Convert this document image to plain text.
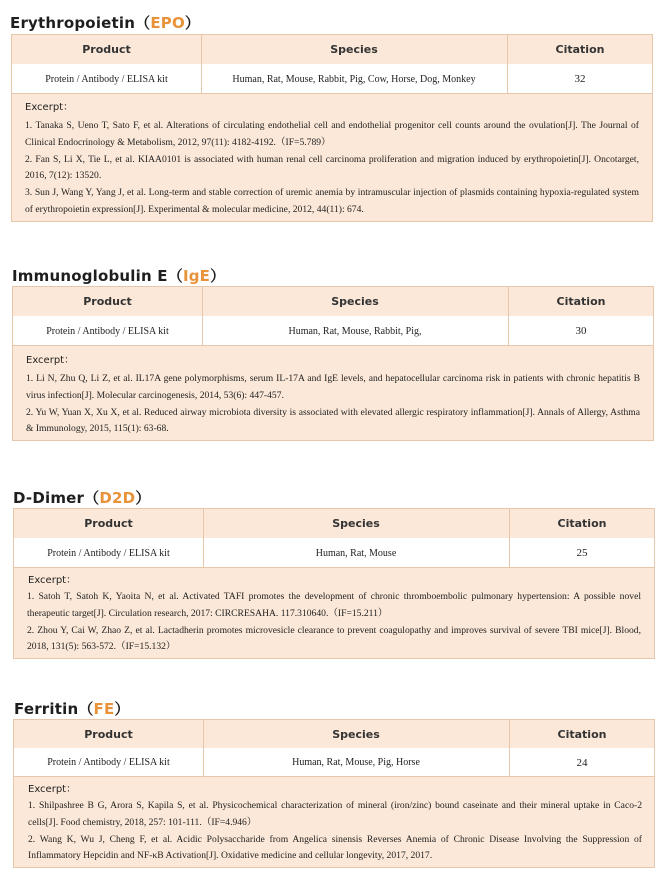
Erythropoietin（EPO）
Product	Species	Citation
Protein / Antibody / ELISA kit	Human, Rat, Mouse, Rabbit, Pig, Cow, Horse, Dog, Monkey	32
Excerpt：

1. Tanaka S, Ueno T, Sato F, et al. Alterations of circulating endothelial cell and endothelial progenitor cell counts around the ovulation[J]. The Journal of Clinical Endocrinology & Metabolism, 2012, 97(11): 4182-4192.（IF=5.789）

2. Fan S, Li X, Tie L, et al. KIAA0101 is associated with human renal cell carcinoma proliferation and migration induced by erythropoietin[J]. Oncotarget, 2016, 7(12): 13520.

3. Sun J, Wang Y, Yang J, et al. Long-term and stable correction of uremic anemia by intramuscular injection of plasmids containing hypoxia-regulated system of erythropoietin expression[J]. Experimental & molecular medicine, 2012, 44(11): 674.

Immunoglobulin E（IgE）
Product	Species	Citation
Protein / Antibody / ELISA kit	Human, Rat, Mouse, Rabbit, Pig,	30
Excerpt：

1. Li N, Zhu Q, Li Z, et al. IL17A gene polymorphisms, serum IL-17A and IgE levels, and hepatocellular carcinoma risk in patients with chronic hepatitis B virus infection[J]. Molecular carcinogenesis, 2014, 53(6): 447-457.

2. Yu W, Yuan X, Xu X, et al. Reduced airway microbiota diversity is associated with elevated allergic respiratory inflammation[J]. Annals of Allergy, Asthma & Immunology, 2015, 115(1): 63-68.

D-Dimer（D2D）
Product	Species	Citation
Protein / Antibody / ELISA kit	Human, Rat, Mouse	25
Excerpt：

1. Satoh T, Satoh K, Yaoita N, et al. Activated TAFI promotes the development of chronic thromboembolic pulmonary hypertension: A possible novel therapeutic target[J]. Circulation research, 2017: CIRCRESAHA. 117.310640.（IF=15.211）

2. Zhou Y, Cai W, Zhao Z, et al. Lactadherin promotes microvesicle clearance to prevent coagulopathy and improves survival of severe TBI mice[J]. Blood, 2018, 131(5): 563-572.（IF=15.132）

Ferritin（FE）
Product	Species	Citation
Protein / Antibody / ELISA kit	Human, Rat, Mouse, Pig, Horse	24
Excerpt：

1. Shilpashree B G, Arora S, Kapila S, et al. Physicochemical characterization of mineral (iron/zinc) bound caseinate and their mineral uptake in Caco-2 cells[J]. Food chemistry, 2018, 257: 101-111.（IF=4.946）

2. Wang K, Wu J, Cheng F, et al. Acidic Polysaccharide from Angelica sinensis Reverses Anemia of Chronic Disease Involving the Suppression of Inflammatory Hepcidin and NF-κB Activation[J]. Oxidative medicine and cellular longevity, 2017, 2017.
